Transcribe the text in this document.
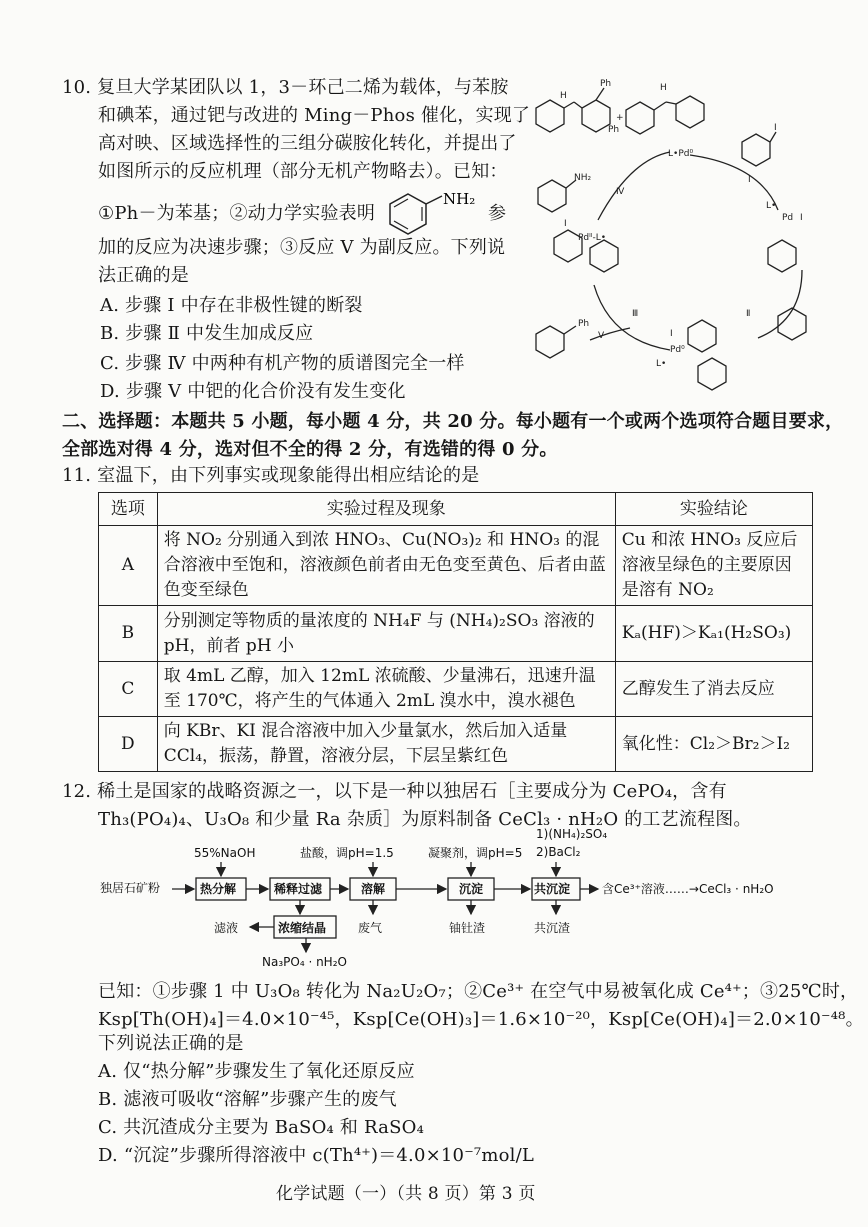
10. 复旦大学某团队以 1，3－环己二烯为载体，与苯胺
和碘苯，通过钯与改进的 Ming－Phos 催化，实现了
高对映、区域选择性的三组分碳胺化转化，并提出了
如图所示的反应机理（部分无机产物略去）。已知：
①Ph－为苯基；②动力学实验表明
NH₂
参
加的反应为决速步骤；③反应 V 为副反应。下列说
法正确的是
A. 步骤 Ⅰ 中存在非极性键的断裂
B. 步骤 Ⅱ 中发生加成反应
C. 步骤 Ⅳ 中两种有机产物的质谱图完全一样
D. 步骤 V 中钯的化合价没有发生变化
Ph
Ph
+
L•Pd⁰
I
Ⅰ
L•
Pd I
Ⅱ
Ⅲ
Ⅳ
V
NH₂
H
H
I
Pdᴵᴵ-L•
Pd⁰
L•
Ph
I
二、选择题：本题共 5 小题，每小题 4 分，共 20 分。每小题有一个或两个选项符合题目要求，
全部选对得 4 分，选对但不全的得 2 分，有选错的得 0 分。
11. 室温下，由下列事实或现象能得出相应结论的是
选项	实验过程及现象	实验结论
A	将 NO₂ 分别通入到浓 HNO₃、Cu(NO₃)₂ 和 HNO₃ 的混合溶液中至饱和，溶液颜色前者由无色变至黄色、后者由蓝色变至绿色	Cu 和浓 HNO₃ 反应后溶液呈绿色的主要原因是溶有 NO₂
B	分别测定等物质的量浓度的 NH₄F 与 (NH₄)₂SO₃ 溶液的 pH，前者 pH 小	Kₐ(HF)＞Kₐ₁(H₂SO₃)
C	取 4mL 乙醇，加入 12mL 浓硫酸、少量沸石，迅速升温至 170℃，将产生的气体通入 2mL 溴水中，溴水褪色	乙醇发生了消去反应
D	向 KBr、KI 混合溶液中加入少量氯水，然后加入适量 CCl₄，振荡，静置，溶液分层，下层呈紫红色	氧化性：Cl₂＞Br₂＞I₂
12. 稀土是国家的战略资源之一，以下是一种以独居石［主要成分为 CePO₄，含有
Th₃(PO₄)₄、U₃O₈ 和少量 Ra 杂质］为原料制备 CeCl₃ · nH₂O 的工艺流程图。
独居石矿粉
55%NaOH	盐酸，调pH=1.5	凝聚剂，调pH=5
1)(NH₄)₂SO₄
2)BaCl₂
热分解	稀释过滤	溶解	沉淀	共沉淀	含Ce³⁺溶液……→CeCl₃ · nH₂O
滤液	浓缩结晶	废气	铀钍渣	共沉渣
Na₃PO₄ · nH₂O
已知：①步骤 1 中 U₃O₈ 转化为 Na₂U₂O₇；②Ce³⁺ 在空气中易被氧化成 Ce⁴⁺；③25℃时，
Ksp[Th(OH)₄]＝4.0×10⁻⁴⁵，Ksp[Ce(OH)₃]＝1.6×10⁻²⁰，Ksp[Ce(OH)₄]＝2.0×10⁻⁴⁸。
下列说法正确的是
A. 仅“热分解”步骤发生了氧化还原反应
B. 滤液可吸收“溶解”步骤产生的废气
C. 共沉渣成分主要为 BaSO₄ 和 RaSO₄
D. “沉淀”步骤所得溶液中 c(Th⁴⁺)＝4.0×10⁻⁷mol/L
化学试题（一）（共 8 页）第 3 页
